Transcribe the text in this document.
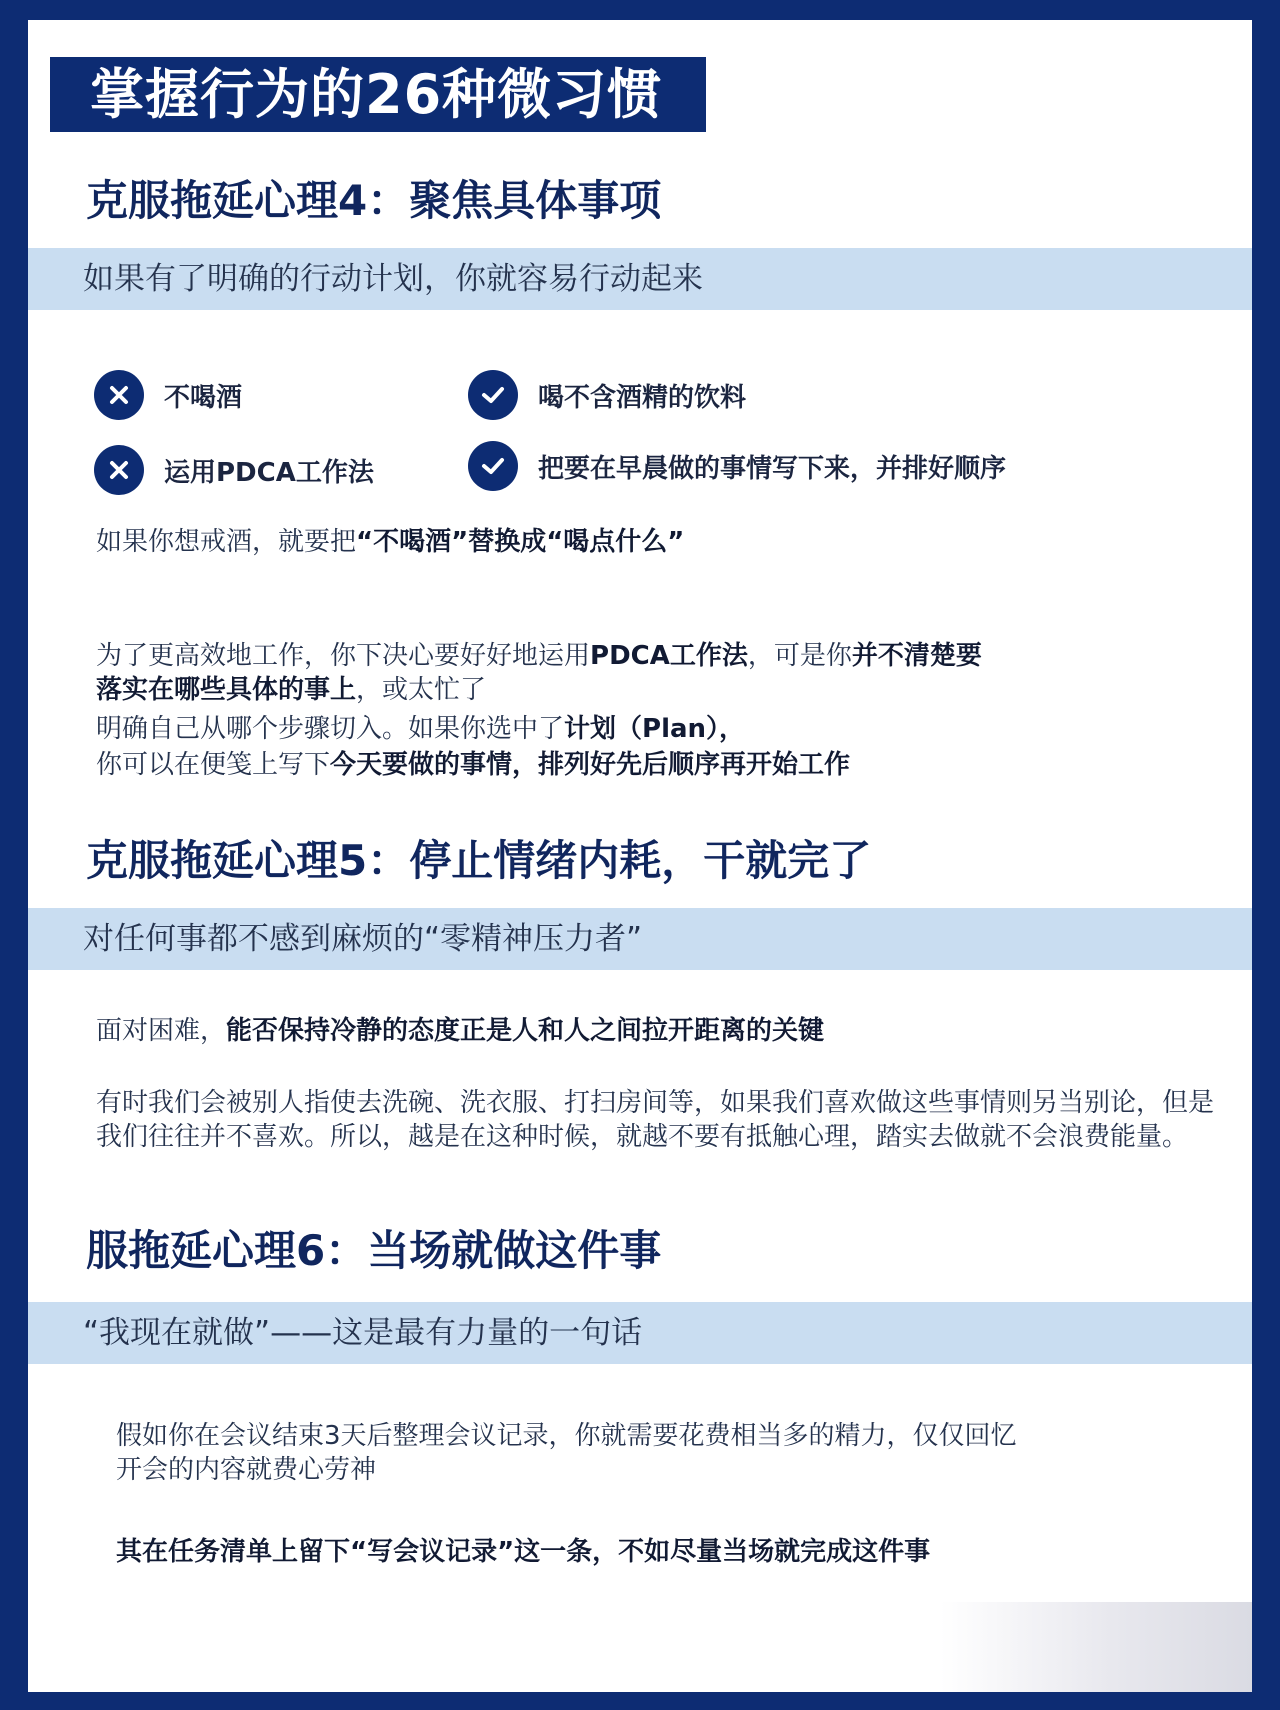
掌握行为的26种微习惯
克服拖延心理4：聚焦具体事项
如果有了明确的行动计划，你就容易行动起来
不喝酒	喝不含酒精的饮料
运用PDCA工作法	把要在早晨做的事情写下来，并排好顺序
如果你想戒酒，就要把“不喝酒”替换成“喝点什么”
为了更高效地工作，你下决心要好好地运用PDCA工作法，可是你并不清楚要
落实在哪些具体的事上，或太忙了
明确自己从哪个步骤切入。如果你选中了计划（Plan），
你可以在便笺上写下今天要做的事情，排列好先后顺序再开始工作
克服拖延心理5：停止情绪内耗，干就完了
对任何事都不感到麻烦的“零精神压力者”
面对困难，能否保持冷静的态度正是人和人之间拉开距离的关键
有时我们会被别人指使去洗碗、洗衣服、打扫房间等，如果我们喜欢做这些事情则另当别论，但是我们往往并不喜欢。所以，越是在这种时候，就越不要有抵触心理，踏实去做就不会浪费能量。
服拖延心理6：当场就做这件事
“我现在就做”——这是最有力量的一句话
假如你在会议结束3天后整理会议记录，你就需要花费相当多的精力，仅仅回忆
开会的内容就费心劳神
其在任务清单上留下“写会议记录”这一条，不如尽量当场就完成这件事
